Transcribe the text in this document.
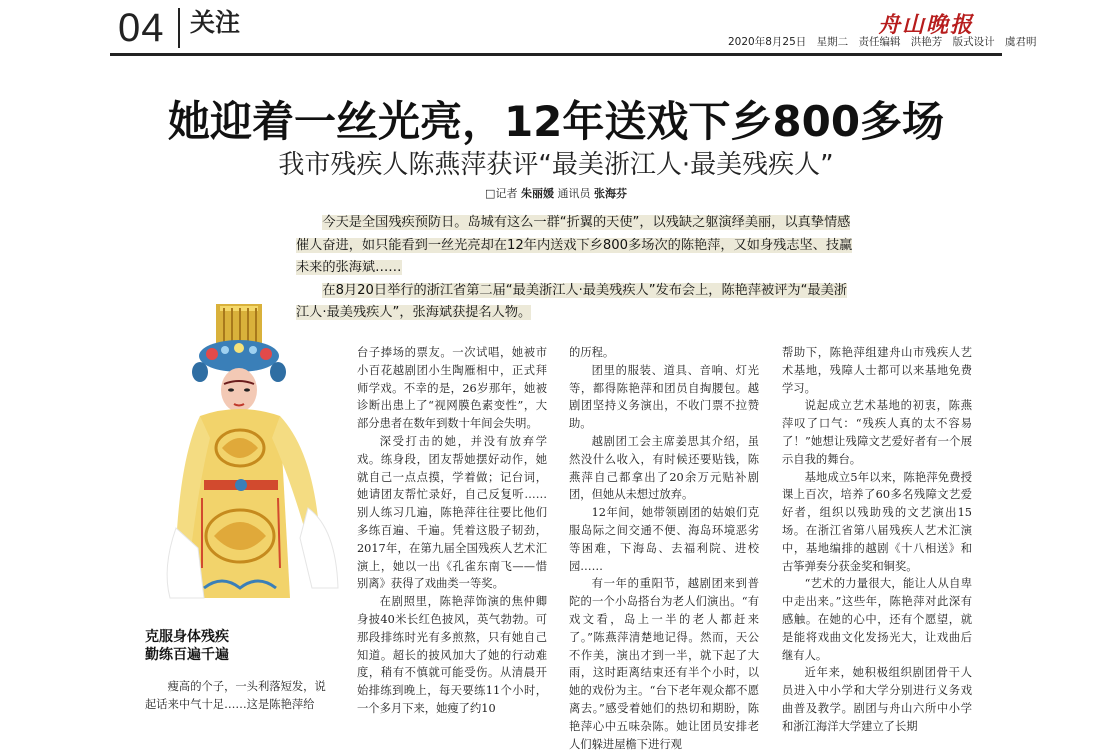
04 关注	舟山晚报
2020年8月25日 星期二 责任编辑 洪艳芳 版式设计 虞君明
她迎着一丝光亮，12年送戏下乡800多场
我市残疾人陈燕萍获评“最美浙江人·最美残疾人”
□记者 朱丽媛 通讯员 张海芬

今天是全国残疾预防日。岛城有这么一群“折翼的天使”，以残缺之躯演绎美丽，以真挚情感催人奋进，如只能看到一丝光亮却在12年内送戏下乡800多场次的陈艳萍，又如身残志坚、技赢未来的张海斌……

在8月20日举行的浙江省第二届“最美浙江人·最美残疾人”发布会上，陈艳萍被评为“最美浙江人·最美残疾人”，张海斌获提名人物。

克服身体残疾
勤练百遍千遍
瘦高的个子，一头利落短发，说起话来中气十足……这是陈艳萍给

台子捧场的票友。一次试唱，她被市小百花越剧团小生陶雁相中，正式拜师学戏。不幸的是，26岁那年，她被诊断出患上了“视网膜色素变性”，大部分患者在数年到数十年间会失明。

深受打击的她，并没有放弃学戏。练身段，团友帮她摆好动作，她就自己一点点摸，学着做；记台词，她请团友帮忙录好，自己反复听……别人练习几遍，陈艳萍往往要比他们多练百遍、千遍。凭着这股子韧劲，2017年，在第九届全国残疾人艺术汇演上，她以一出《孔雀东南飞——惜别离》获得了戏曲类一等奖。

在剧照里，陈艳萍饰演的焦仲卿身披40米长红色披风，英气勃勃。可那段排练时光有多煎熬，只有她自己知道。超长的披风加大了她的行动难度，稍有不慎就可能受伤。从清晨开始排练到晚上，每天要练11个小时，一个多月下来，她瘦了约10

的历程。

团里的服装、道具、音响、灯光等，都得陈艳萍和团员自掏腰包。越剧团坚持义务演出，不收门票不拉赞助。

越剧团工会主席姜思其介绍，虽然没什么收入，有时候还要贴钱，陈燕萍自己都拿出了20余万元贴补剧团，但她从未想过放弃。

12年间，她带领剧团的姑娘们克服岛际之间交通不便、海岛环境恶劣等困难，下海岛、去福利院、进校园……

有一年的重阳节，越剧团来到普陀的一个小岛搭台为老人们演出。“有戏文看，岛上一半的老人都赶来了。”陈燕萍清楚地记得。然而，天公不作美，演出才到一半，就下起了大雨，这时距离结束还有半个小时，以她的戏份为主。“台下老年观众都不愿离去。”感受着她们的热切和期盼，陈艳萍心中五味杂陈。她让团员安排老人们躲进屋檐下进行观

帮助下，陈艳萍组建舟山市残疾人艺术基地，残障人士都可以来基地免费学习。

说起成立艺术基地的初衷，陈燕萍叹了口气：“残疾人真的太不容易了！”她想让残障文艺爱好者有一个展示自我的舞台。

基地成立5年以来，陈艳萍免费授课上百次，培养了60多名残障文艺爱好者，组织以残助残的文艺演出15场。在浙江省第八届残疾人艺术汇演中，基地编排的越剧《十八相送》和古筝弹奏分获金奖和铜奖。

“艺术的力量很大，能让人从自卑中走出来。”这些年，陈艳萍对此深有感触。在她的心中，还有个愿望，就是能将戏曲文化发扬光大，让戏曲后继有人。

近年来，她积极组织剧团骨干人员进入中小学和大学分别进行义务戏曲普及教学。剧团与舟山六所中小学和浙江海洋大学建立了长期
